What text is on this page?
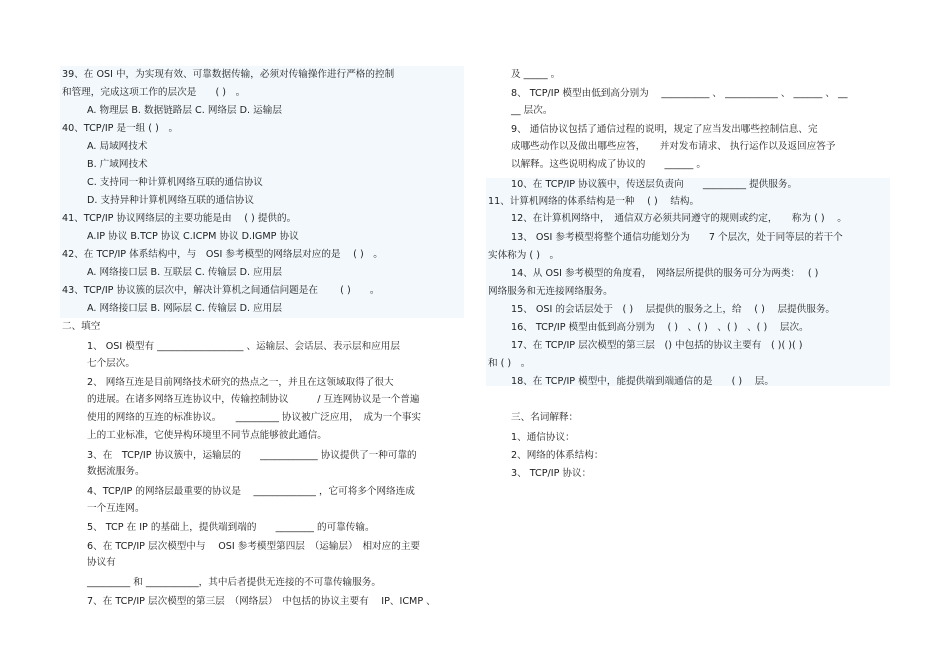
39、在 OSI 中，为实现有效、可靠数据传输，必须对传输操作进行严格的控制
和管理，完成这项工作的层次是　　( )　。
A. 物理层 B. 数据链路层 C. 网络层 D. 运输层
40、TCP/IP 是一组 ( )　。
A. 局域网技术
B. 广域网技术
C. 支持同一种计算机网络互联的通信协议
D. 支持异种计算机网络互联的通信协议
41、TCP/IP 协议网络层的主要功能是由　 ( ) 提供的。
A.IP 协议 B.TCP 协议 C.ICPM 协议 D.IGMP 协议
42、在 TCP/IP 体系结构中，与　OSI 参考模型的网络层对应的是　 ( )　。
A. 网络接口层 B. 互联层 C. 传输层 D. 应用层
43、TCP/IP 协议簇的层次中，解决计算机之间通信问题是在　　 ( )　　。
A. 网络接口层 B. 网际层 C. 传输层 D. 应用层
二、填空
1、 OSI 模型有 __________________ 、运输层、会话层、表示层和应用层
七个层次。
2、 网络互连是目前网络技术研究的热点之一，并且在这领域取得了很大
的进展。在诸多网络互连协议中，传输控制协议　　　/ 互连网协议是一个普遍
使用的网络的互连的标准协议。　　_________ 协议被广泛应用，　成为一个事实
上的工业标准，它使异构环境里不同节点能够彼此通信。
3、在　TCP/IP 协议簇中，运输层的　　____________ 协议提供了一种可靠的
数据流服务。
4、TCP/IP 的网络层最重要的协议是　 _____________ ，它可将多个网络连成
一个互连网。
5、 TCP 在 IP 的基础上，提供端到端的　　________ 的可靠传输。
6、在 TCP/IP 层次模型中与　 OSI 参考模型第四层　（运输层）　相对应的主要
协议有
_________ 和 ___________，其中后者提供无连接的不可靠传输服务。
7、在 TCP/IP 层次模型的第三层　（网络层）　中包括的协议主要有　 IP、ICMP 、
及 _____ 。
8、 TCP/IP 模型由低到高分别为　 __________ 、 ___________ 、 ______ 、 __
__ 层次。
9、 通信协议包括了通信过程的说明，规定了应当发出哪些控制信息、完
成哪些动作以及做出哪些应答，　　并对发布请求、 执行运作以及返回应答予
以解释。这些说明构成了协议的　　______ 。
10、在 TCP/IP 协议簇中，传送层负责向　　_________ 提供服务。
11、计算机网络的体系结构是一种　 ( )　 结构。
12、在计算机网络中，　通信双方必须共同遵守的规则或约定，　　称为 ( )　 。
13、 OSI 参考模型将整个通信功能划分为　　7 个层次，处于同等层的若干个
实体称为 ( )　。
14、从 OSI 参考模型的角度看，　网络层所提供的服务可分为两类：　 ( )
网络服务和无连接网络服务。
15、 OSI 的会话层处于　( )　 层提供的服务之上，给　 ( )　 层提供服务。
16、 TCP/IP 模型由低到高分别为　 ( )　、( )　、( )　、( )　 层次。
17、在 TCP/IP 层次模型的第三层　() 中包括的协议主要有　( )( )( )
和 ( )　。
18、在 TCP/IP 模型中，能提供端到端通信的是　　( )　 层。
三、名词解释：
1、通信协议：
2、网络的体系结构：
3、 TCP/IP 协议：
